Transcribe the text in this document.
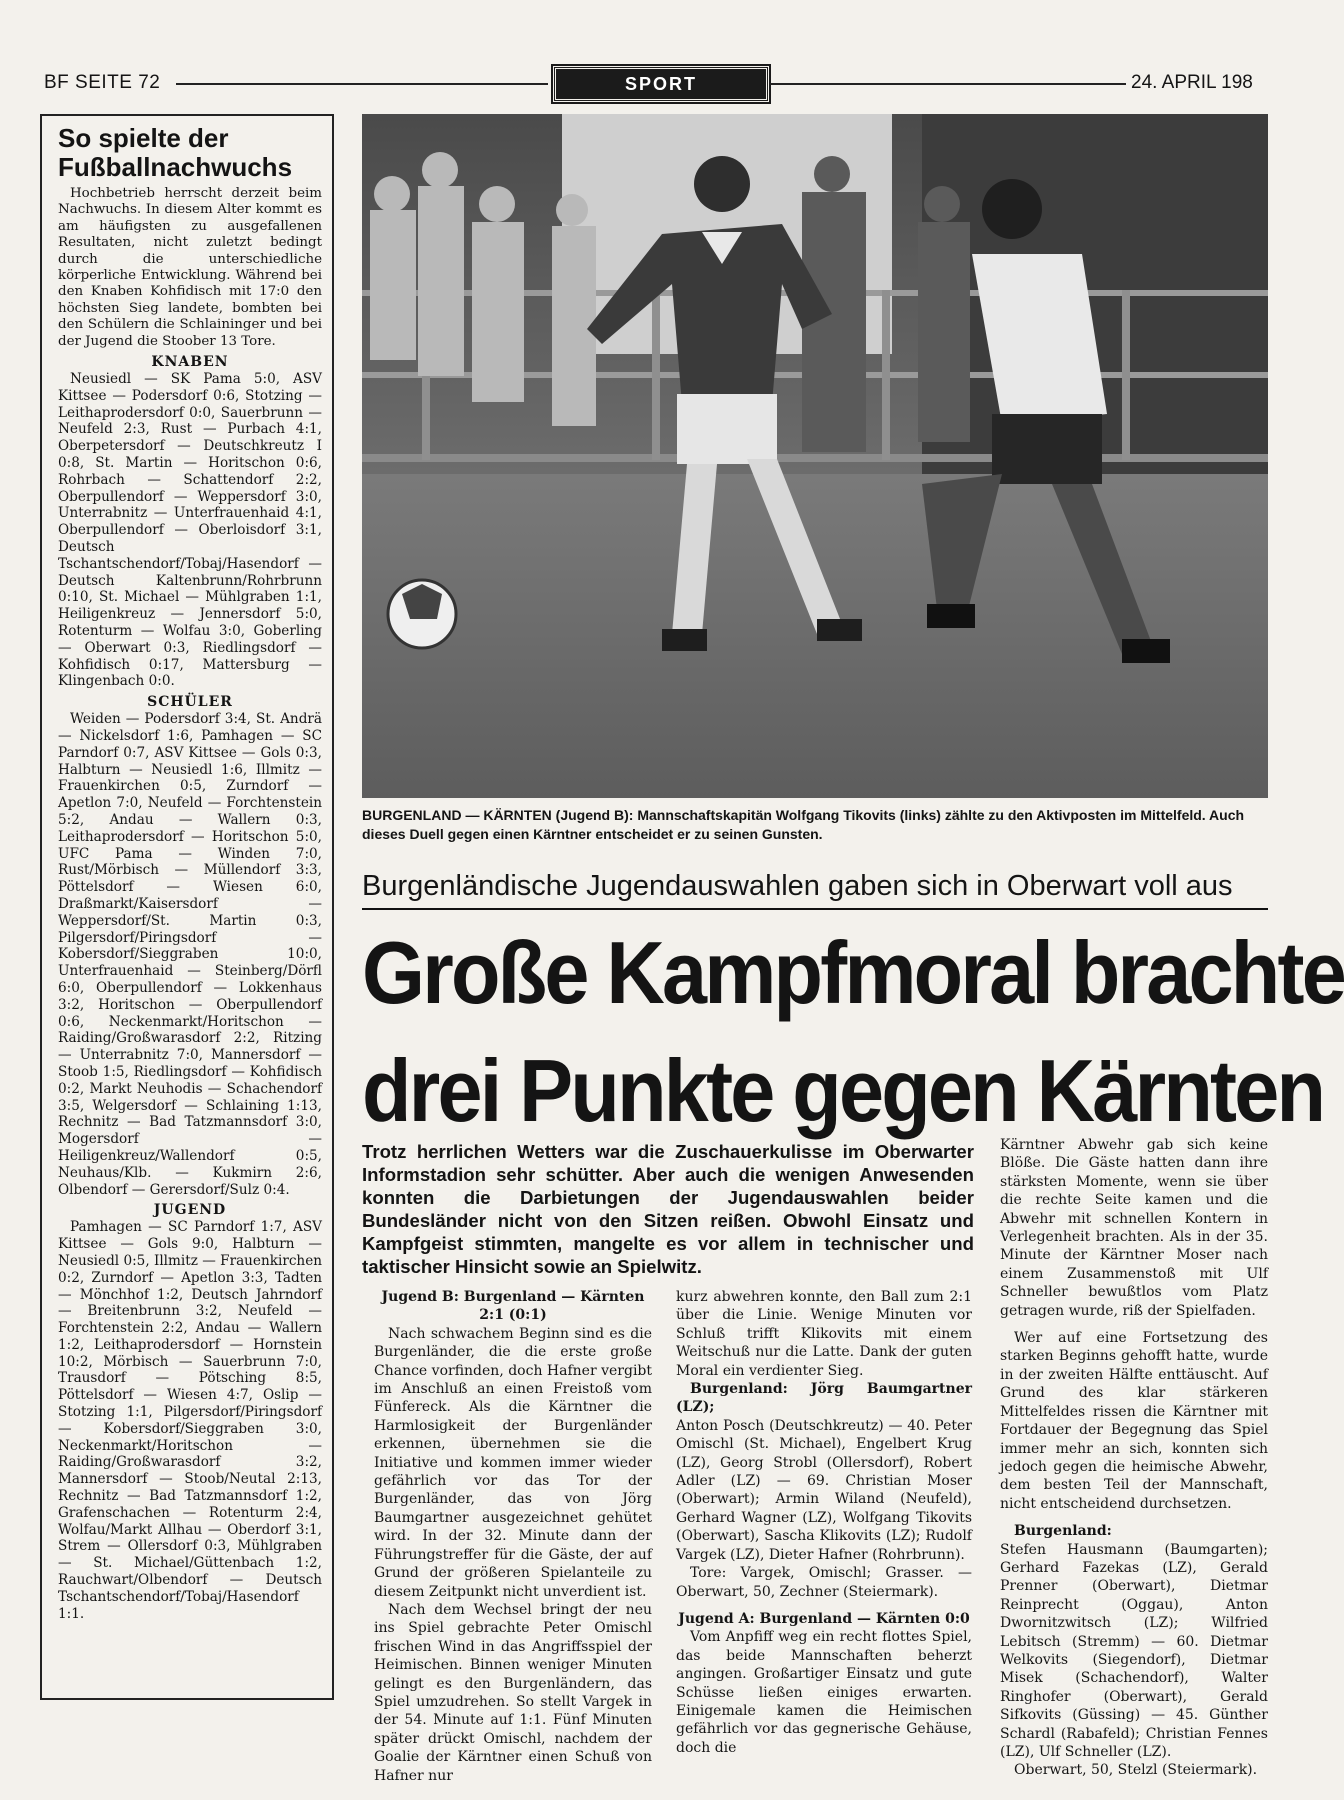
BF SEITE 72	SPORT	24. APRIL 198
So spielte der Fußballnachwuchs

Hochbetrieb herrscht derzeit beim Nachwuchs. In diesem Alter kommt es am häufigsten zu ausgefallenen Resultaten, nicht zuletzt bedingt durch die unterschiedliche körperliche Entwicklung. Während bei den Knaben Kohfidisch mit 17:0 den höchsten Sieg landete, bombten bei den Schülern die Schlaininger und bei der Jugend die Stoober 13 Tore.

KNABEN

Neusiedl — SK Pama 5:0, ASV Kittsee — Podersdorf 0:6, Stotzing — Leithaprodersdorf 0:0, Sauerbrunn — Neufeld 2:3, Rust — Purbach 4:1, Oberpetersdorf — Deutschkreutz I 0:8, St. Martin — Horitschon 0:6, Rohrbach — Schattendorf 2:2, Oberpullendorf — Weppersdorf 3:0, Unterrabnitz — Unterfrauenhaid 4:1, Oberpullendorf — Oberloisdorf 3:1, Deutsch Tschantschendorf/Tobaj/Hasendorf — Deutsch Kaltenbrunn/Rohrbrunn 0:10, St. Michael — Mühlgraben 1:1, Heiligenkreuz — Jennersdorf 5:0, Rotenturm — Wolfau 3:0, Goberling — Oberwart 0:3, Riedlingsdorf — Kohfidisch 0:17, Mattersburg — Klingenbach 0:0.

SCHÜLER

Weiden — Podersdorf 3:4, St. Andrä — Nickelsdorf 1:6, Pamhagen — SC Parndorf 0:7, ASV Kittsee — Gols 0:3, Halbturn — Neusiedl 1:6, Illmitz — Frauenkirchen 0:5, Zurndorf — Apetlon 7:0, Neufeld — Forchtenstein 5:2, Andau — Wallern 0:3, Leithaprodersdorf — Horitschon 5:0, UFC Pama — Winden 7:0, Rust/Mörbisch — Müllendorf 3:3, Pöttelsdorf — Wiesen 6:0, Draßmarkt/Kaisersdorf — Weppersdorf/St. Martin 0:3, Pilgersdorf/Piringsdorf — Kobersdorf/Sieggraben 10:0, Unterfrauenhaid — Steinberg/Dörfl 6:0, Oberpullendorf — Lokkenhaus 3:2, Horitschon — Oberpullendorf 0:6, Neckenmarkt/Horitschon — Raiding/Großwarasdorf 2:2, Ritzing — Unterrabnitz 7:0, Mannersdorf — Stoob 1:5, Riedlingsdorf — Kohfidisch 0:2, Markt Neuhodis — Schachendorf 3:5, Welgersdorf — Schlaining 1:13, Rechnitz — Bad Tatzmannsdorf 3:0, Mogersdorf — Heiligenkreuz/Wallendorf 0:5, Neuhaus/Klb. — Kukmirn 2:6, Olbendorf — Gerersdorf/Sulz 0:4.

JUGEND

Pamhagen — SC Parndorf 1:7, ASV Kittsee — Gols 9:0, Halbturn — Neusiedl 0:5, Illmitz — Frauenkirchen 0:2, Zurndorf — Apetlon 3:3, Tadten — Mönchhof 1:2, Deutsch Jahrndorf — Breitenbrunn 3:2, Neufeld — Forchtenstein 2:2, Andau — Wallern 1:2, Leithaprodersdorf — Hornstein 10:2, Mörbisch — Sauerbrunn 7:0, Trausdorf — Pötsching 8:5, Pöttelsdorf — Wiesen 4:7, Oslip — Stotzing 1:1, Pilgersdorf/Piringsdorf — Kobersdorf/Sieggraben 3:0, Neckenmarkt/Horitschon — Raiding/Großwarasdorf 3:2, Mannersdorf — Stoob/Neutal 2:13, Rechnitz — Bad Tatzmannsdorf 1:2, Grafenschachen — Rotenturm 2:4, Wolfau/Markt Allhau — Oberdorf 3:1, Strem — Ollersdorf 0:3, Mühlgraben — St. Michael/Güttenbach 1:2, Rauchwart/Olbendorf — Deutsch Tschantschendorf/Tobaj/Hasendorf 1:1.

BURGENLAND — KÄRNTEN (Jugend B): Mannschaftskapitän Wolfgang Tikovits (links) zählte zu den Aktivposten im Mittelfeld. Auch dieses Duell gegen einen Kärntner entscheidet er zu seinen Gunsten.
Burgenländische Jugendauswahlen gaben sich in Oberwart voll aus
Große Kampfmoral brachte
drei Punkte gegen Kärnten

Trotz herrlichen Wetters war die Zuschauerkulisse im Oberwarter Informstadion sehr schütter. Aber auch die wenigen Anwesenden konnten die Darbietungen der Jugendauswahlen beider Bundesländer nicht von den Sitzen reißen. Obwohl Einsatz und Kampfgeist stimmten, mangelte es vor allem in technischer und taktischer Hinsicht sowie an Spielwitz.

Jugend B: Burgenland — Kärnten

2:1 (0:1)

Nach schwachem Beginn sind es die Burgenländer, die die erste große Chance vorfinden, doch Hafner vergibt im Anschluß an einen Freistoß vom Fünfereck. Als die Kärntner die Harmlosigkeit der Burgenländer erkennen, übernehmen sie die Initiative und kommen immer wieder gefährlich vor das Tor der Burgenländer, das von Jörg Baumgartner ausgezeichnet gehütet wird. In der 32. Minute dann der Führungstreffer für die Gäste, der auf Grund der größeren Spielanteile zu diesem Zeitpunkt nicht unverdient ist.

Nach dem Wechsel bringt der neu ins Spiel gebrachte Peter Omischl frischen Wind in das Angriffsspiel der Heimischen. Binnen weniger Minuten gelingt es den Burgenländern, das Spiel umzudrehen. So stellt Vargek in der 54. Minute auf 1:1. Fünf Minuten später drückt Omischl, nachdem der Goalie der Kärntner einen Schuß von Hafner nur

kurz abwehren konnte, den Ball zum 2:1 über die Linie. Wenige Minuten vor Schluß trifft Klikovits mit einem Weitschuß nur die Latte. Dank der guten Moral ein verdienter Sieg.

Burgenland: Jörg Baumgartner (LZ);

Anton Posch (Deutschkreutz) — 40. Peter Omischl (St. Michael), Engelbert Krug (LZ), Georg Strobl (Ollersdorf), Robert Adler (LZ) — 69. Christian Moser (Oberwart); Armin Wiland (Neufeld), Gerhard Wagner (LZ), Wolfgang Tikovits (Oberwart), Sascha Klikovits (LZ); Rudolf Vargek (LZ), Dieter Hafner (Rohrbrunn).

Tore: Vargek, Omischl; Grasser. — Oberwart, 50, Zechner (Steiermark).

Jugend A: Burgenland — Kärnten 0:0

Vom Anpfiff weg ein recht flottes Spiel, das beide Mannschaften beherzt angingen. Großartiger Einsatz und gute Schüsse ließen einiges erwarten. Einigemale kamen die Heimischen gefährlich vor das gegnerische Gehäuse, doch die

Kärntner Abwehr gab sich keine Blöße. Die Gäste hatten dann ihre stärksten Momente, wenn sie über die rechte Seite kamen und die Abwehr mit schnellen Kontern in Verlegenheit brachten. Als in der 35. Minute der Kärntner Moser nach einem Zusammenstoß mit Ulf Schneller bewußtlos vom Platz getragen wurde, riß der Spielfaden.

Wer auf eine Fortsetzung des starken Beginns gehofft hatte, wurde in der zweiten Hälfte enttäuscht. Auf Grund des klar stärkeren Mittelfeldes rissen die Kärntner mit Fortdauer der Begegnung das Spiel immer mehr an sich, konnten sich jedoch gegen die heimische Abwehr, dem besten Teil der Mannschaft, nicht entscheidend durchsetzen.

Burgenland:

Stefen Hausmann (Baumgarten); Gerhard Fazekas (LZ), Gerald Prenner (Oberwart), Dietmar Reinprecht (Oggau), Anton Dwornitzwitsch (LZ); Wilfried Lebitsch (Stremm) — 60. Dietmar Welkovits (Siegendorf), Dietmar Misek (Schachendorf), Walter Ringhofer (Oberwart), Gerald Sifkovits (Güssing) — 45. Günther Schardl (Rabafeld); Christian Fennes (LZ), Ulf Schneller (LZ).

Oberwart, 50, Stelzl (Steiermark).
